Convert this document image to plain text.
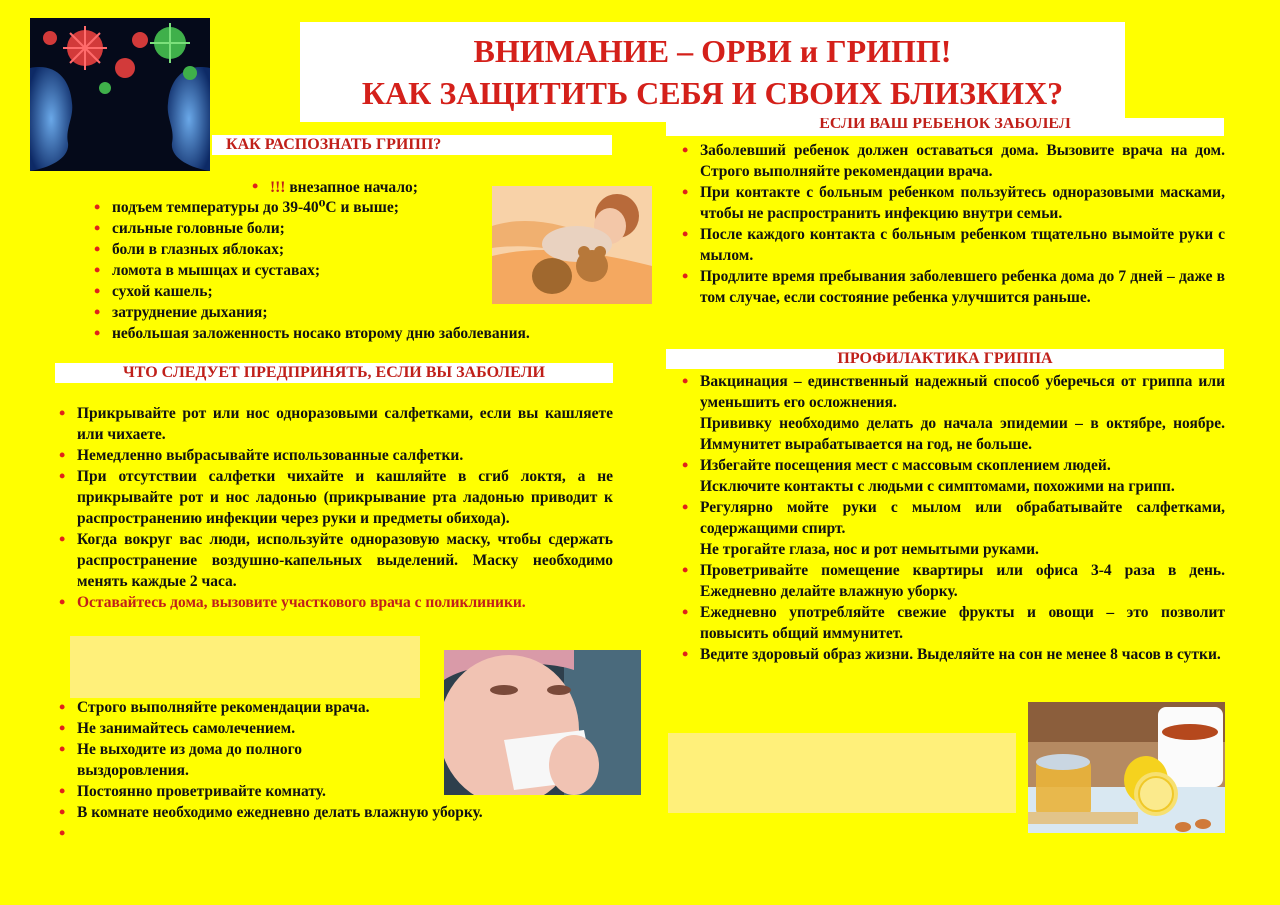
ВНИМАНИЕ – ОРВИ и ГРИПП!
КАК ЗАЩИТИТЬ СЕБЯ И СВОИХ БЛИЗКИХ?
КАК РАСПОЗНАТЬ ГРИПП?
• !!! внезапное начало;
• подъем температуры до 39-40⁰С и выше;
• сильные головные боли;
• боли в глазных яблоках;
• ломота в мышцах и суставах;
• сухой кашель;
• затруднение дыхания;
• небольшая заложенность носако второму дню заболевания.
ЧТО СЛЕДУЕТ ПРЕДПРИНЯТЬ, ЕСЛИ ВЫ ЗАБОЛЕЛИ
• Прикрывайте рот или нос одноразовыми салфетками, если вы кашляете или чихаете.
• Немедленно выбрасывайте использованные салфетки.
• При отсутствии салфетки чихайте и кашляйте в сгиб локтя, а не прикрывайте рот и нос ладонью (прикрывание рта ладонью приводит к распространению инфекции через руки и предметы обихода).
• Когда вокруг вас люди, используйте одноразовую маску, чтобы сдержать распространение воздушно-капельных выделений. Маску необходимо менять каждые 2 часа.
• Оставайтесь дома, вызовите участкового врача с поликлиники.
• Строго выполняйте рекомендации врача.
• Не занимайтесь самолечением.
• Не выходите из дома до полного выздоровления.
• Постоянно проветривайте комнату.
• В комнате необходимо ежедневно делать влажную уборку.
•
ЕСЛИ ВАШ РЕБЕНОК ЗАБОЛЕЛ
• Заболевший ребенок должен оставаться дома. Вызовите врача на дом. Строго выполняйте рекомендации врача.
• При контакте с больным ребенком пользуйтесь одноразовыми масками, чтобы не распространить инфекцию внутри семьи.
• После каждого контакта с больным ребенком тщательно вымойте руки с мылом.
• Продлите время пребывания заболевшего ребенка дома до 7 дней – даже в том случае, если состояние ребенка улучшится раньше.
ПРОФИЛАКТИКА ГРИППА
• Вакцинация – единственный надежный способ уберечься от гриппа или уменьшить его осложнения.
Прививку необходимо делать до начала эпидемии – в октябре, ноябре. Иммунитет вырабатывается на год, не больше.
• Избегайте посещения мест с массовым скоплением людей.
Исключите контакты с людьми с симптомами, похожими на грипп.
• Регулярно мойте руки с мылом или обрабатывайте салфетками, содержащими спирт.
Не трогайте глаза, нос и рот немытыми руками.
• Проветривайте помещение квартиры или офиса 3-4 раза в день. Ежедневно делайте влажную уборку.
• Ежедневно употребляйте свежие фрукты и овощи – это позволит повысить общий иммунитет.
• Ведите здоровый образ жизни. Выделяйте на сон не менее 8 часов в сутки.
